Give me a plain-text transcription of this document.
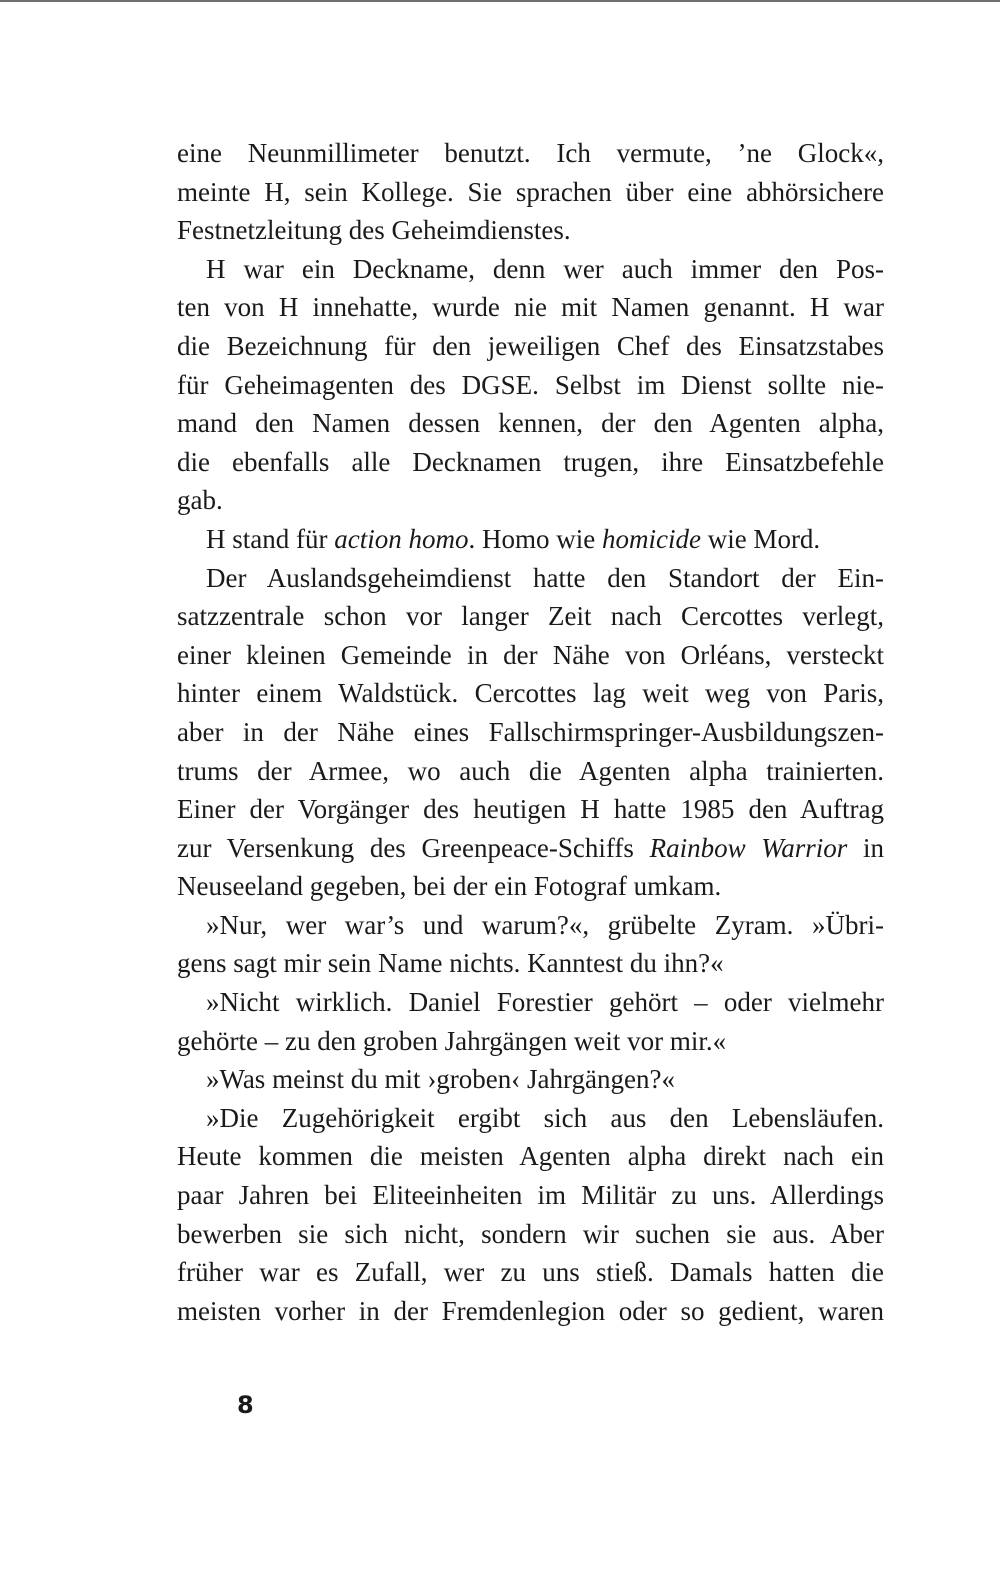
eine Neunmillimeter benutzt. Ich vermute, ’ne Glock«,
meinte H, sein Kollege. Sie sprachen über eine abhörsichere
Festnetzleitung des Geheimdienstes.
H war ein Deckname, denn wer auch immer den Pos-
ten von H innehatte, wurde nie mit Namen genannt. H war
die Bezeichnung für den jeweiligen Chef des Einsatzstabes
für Geheimagenten des DGSE. Selbst im Dienst sollte nie-
mand den Namen dessen kennen, der den Agenten alpha,
die ebenfalls alle Decknamen trugen, ihre Einsatzbefehle
gab.
H stand für action homo. Homo wie homicide wie Mord.
Der Auslandsgeheimdienst hatte den Standort der Ein-
satzzentrale schon vor langer Zeit nach Cercottes verlegt,
einer kleinen Gemeinde in der Nähe von Orléans, versteckt
hinter einem Waldstück. Cercottes lag weit weg von Paris,
aber in der Nähe eines Fallschirmspringer-Ausbildungszen-
trums der Armee, wo auch die Agenten alpha trainierten.
Einer der Vorgänger des heutigen H hatte 1985 den Auftrag
zur Versenkung des Greenpeace-Schiffs Rainbow Warrior in
Neuseeland gegeben, bei der ein Fotograf umkam.
»Nur, wer war’s und warum?«, grübelte Zyram. »Übri-
gens sagt mir sein Name nichts. Kanntest du ihn?«
»Nicht wirklich. Daniel Forestier gehört – oder vielmehr
gehörte – zu den groben Jahrgängen weit vor mir.«
»Was meinst du mit ›groben‹ Jahrgängen?«
»Die Zugehörigkeit ergibt sich aus den Lebensläufen.
Heute kommen die meisten Agenten alpha direkt nach ein
paar Jahren bei Eliteeinheiten im Militär zu uns. Allerdings
bewerben sie sich nicht, sondern wir suchen sie aus. Aber
früher war es Zufall, wer zu uns stieß. Damals hatten die
meisten vorher in der Fremdenlegion oder so gedient, waren
8
